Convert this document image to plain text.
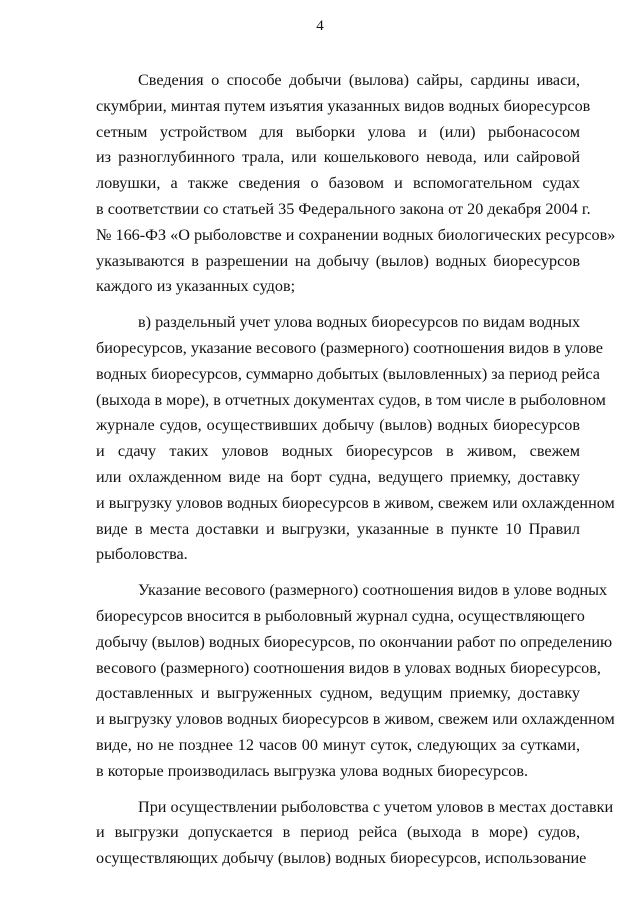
4
Сведения о способе добычи (вылова) сайры, сардины иваси,
скумбрии, минтая путем изъятия указанных видов водных биоресурсов
сетным устройством для выборки улова и (или) рыбонасосом
из разноглубинного трала, или кошелькового невода, или сайровой
ловушки, а также сведения о базовом и вспомогательном судах
в соответствии со статьей 35 Федерального закона от 20 декабря 2004 г.
№ 166-ФЗ «О рыболовстве и сохранении водных биологических ресурсов»
указываются в разрешении на добычу (вылов) водных биоресурсов
каждого из указанных судов;
в) раздельный учет улова водных биоресурсов по видам водных
биоресурсов, указание весового (размерного) соотношения видов в улове
водных биоресурсов, суммарно добытых (выловленных) за период рейса
(выхода в море), в отчетных документах судов, в том числе в рыболовном
журнале судов, осуществивших добычу (вылов) водных биоресурсов
и сдачу таких уловов водных биоресурсов в живом, свежем
или охлажденном виде на борт судна, ведущего приемку, доставку
и выгрузку уловов водных биоресурсов в живом, свежем или охлажденном
виде в места доставки и выгрузки, указанные в пункте 10 Правил
рыболовства.
Указание весового (размерного) соотношения видов в улове водных
биоресурсов вносится в рыболовный журнал судна, осуществляющего
добычу (вылов) водных биоресурсов, по окончании работ по определению
весового (размерного) соотношения видов в уловах водных биоресурсов,
доставленных и выгруженных судном, ведущим приемку, доставку
и выгрузку уловов водных биоресурсов в живом, свежем или охлажденном
виде, но не позднее 12 часов 00 минут суток, следующих за сутками,
в которые производилась выгрузка улова водных биоресурсов.
При осуществлении рыболовства с учетом уловов в местах доставки
и выгрузки допускается в период рейса (выхода в море) судов,
осуществляющих добычу (вылов) водных биоресурсов, использование
